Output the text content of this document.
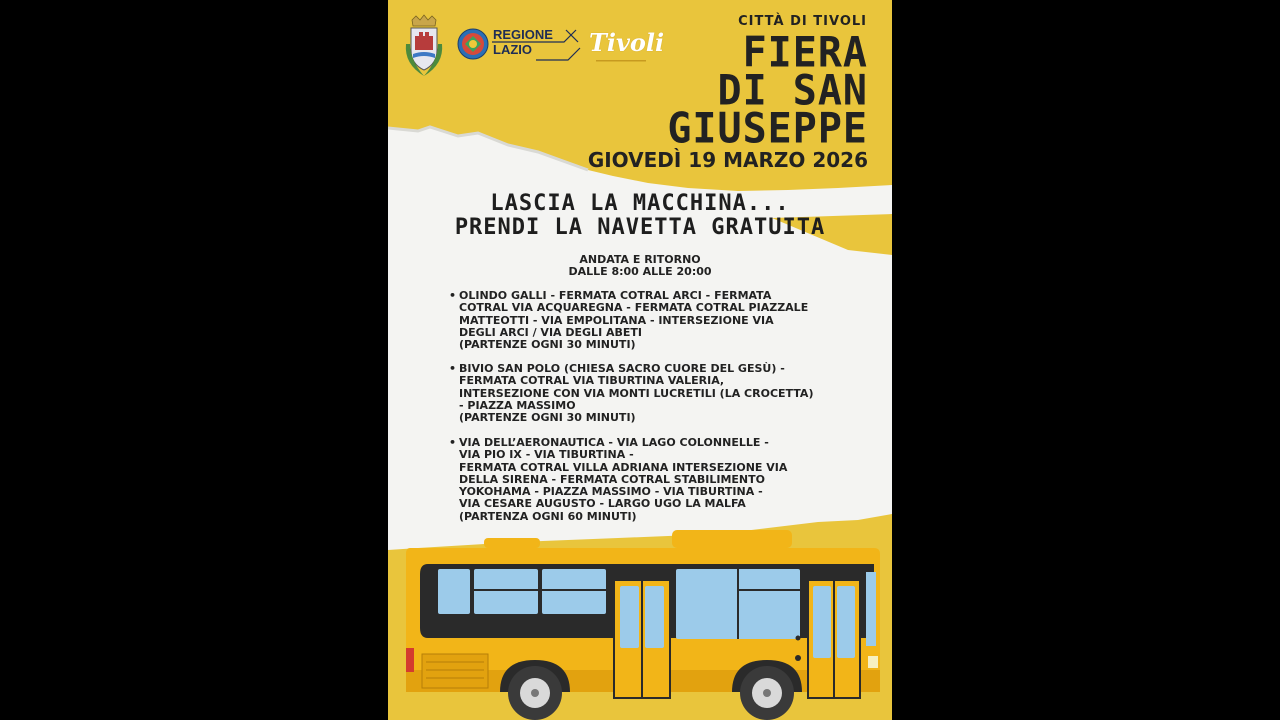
REGIONE
LAZIO	Tivoli
CITTÀ DI TIVOLI
FIERA
DI SAN
GIUSEPPE
GIOVEDÌ 19 MARZO 2026
LASCIA LA MACCHINA...
PRENDI LA NAVETTA GRATUITA
ANDATA E RITORNO
DALLE 8:00 ALLE 20:00
• OLINDO GALLI - FERMATA COTRAL ARCI - FERMATA

COTRAL VIA ACQUAREGNA - FERMATA COTRAL PIAZZALE

MATTEOTTI - VIA EMPOLITANA - INTERSEZIONE VIA

DEGLI ARCI / VIA DEGLI ABETI

(PARTENZE OGNI 30 MINUTI)

• BIVIO SAN POLO (CHIESA SACRO CUORE DEL GESÙ) -

FERMATA COTRAL VIA TIBURTINA VALERIA,

INTERSEZIONE CON VIA MONTI LUCRETILI (LA CROCETTA)

- PIAZZA MASSIMO

(PARTENZE OGNI 30 MINUTI)

• VIA DELL’AERONAUTICA - VIA LAGO COLONNELLE -

VIA PIO IX - VIA TIBURTINA -

FERMATA COTRAL VILLA ADRIANA INTERSEZIONE VIA

DELLA SIRENA - FERMATA COTRAL STABILIMENTO

YOKOHAMA - PIAZZA MASSIMO - VIA TIBURTINA -

VIA CESARE AUGUSTO - LARGO UGO LA MALFA

(PARTENZA OGNI 60 MINUTI)
